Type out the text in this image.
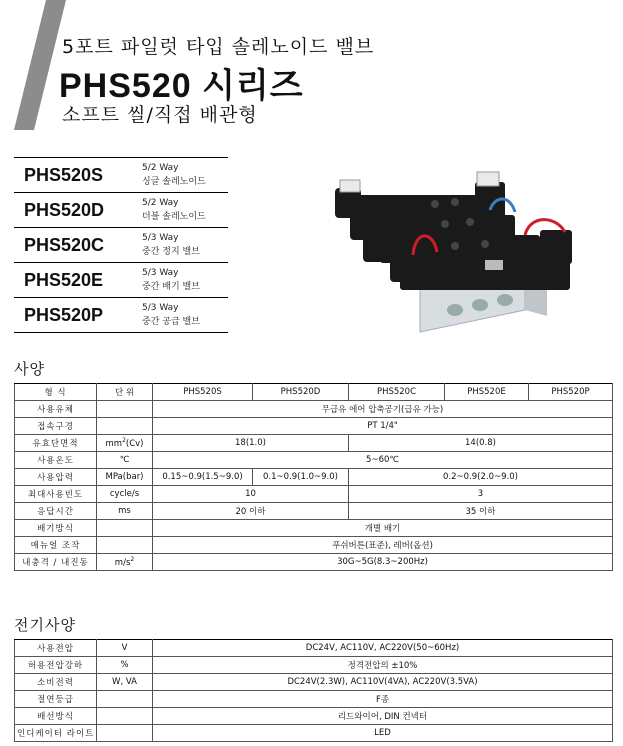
5포트 파일럿 타입 솔레노이드 밸브
PHS520 시리즈
소프트 씰/직접 배관형
PHS520S	5/2 Way
싱글 솔레노이드
PHS520D	5/2 Way
더블 솔레노이드
PHS520C	5/3 Way
중간 정지 밸브
PHS520E	5/3 Way
중간 배기 밸브
PHS520P	5/3 Way
중간 공급 밸브
사양
형 식	단 위	PHS520S	PHS520D	PHS520C	PHS520E	PHS520P
사용유체		무급유 에어 압축공기(급유 가능)				
접속구경		PT 1/4"				
유효단면적	$mm^2(Cv)$	18(1.0)		14(0.8)		
사용온도	℃	5~60℃				
사용압력	MPa(bar)	0.15~0.9(1.5~9.0)	0.1~0.9(1.0~9.0)	0.2~0.9(2.0~9.0)		
최대사용빈도	cycle/s	10		3		
응답시간	ms	20 이하		35 이하		
배기방식		개별 배기				
매뉴얼 조작		푸쉬버튼(표준), 레버(옵션)				
내충격 / 내진동	$m/s^2$	30G~5G(8.3~200Hz)				
전기사양
사용전압	V	DC24V, AC110V, AC220V(50~60Hz)
허용전압강하	%	정격전압의 ±10%
소비전력	W, VA	DC24V(2.3W), AC110V(4VA), AC220V(3.5VA)
절연등급		F종
배선방식		리드와이어, DIN 컨넥터
인디케이터 라이트		LED
